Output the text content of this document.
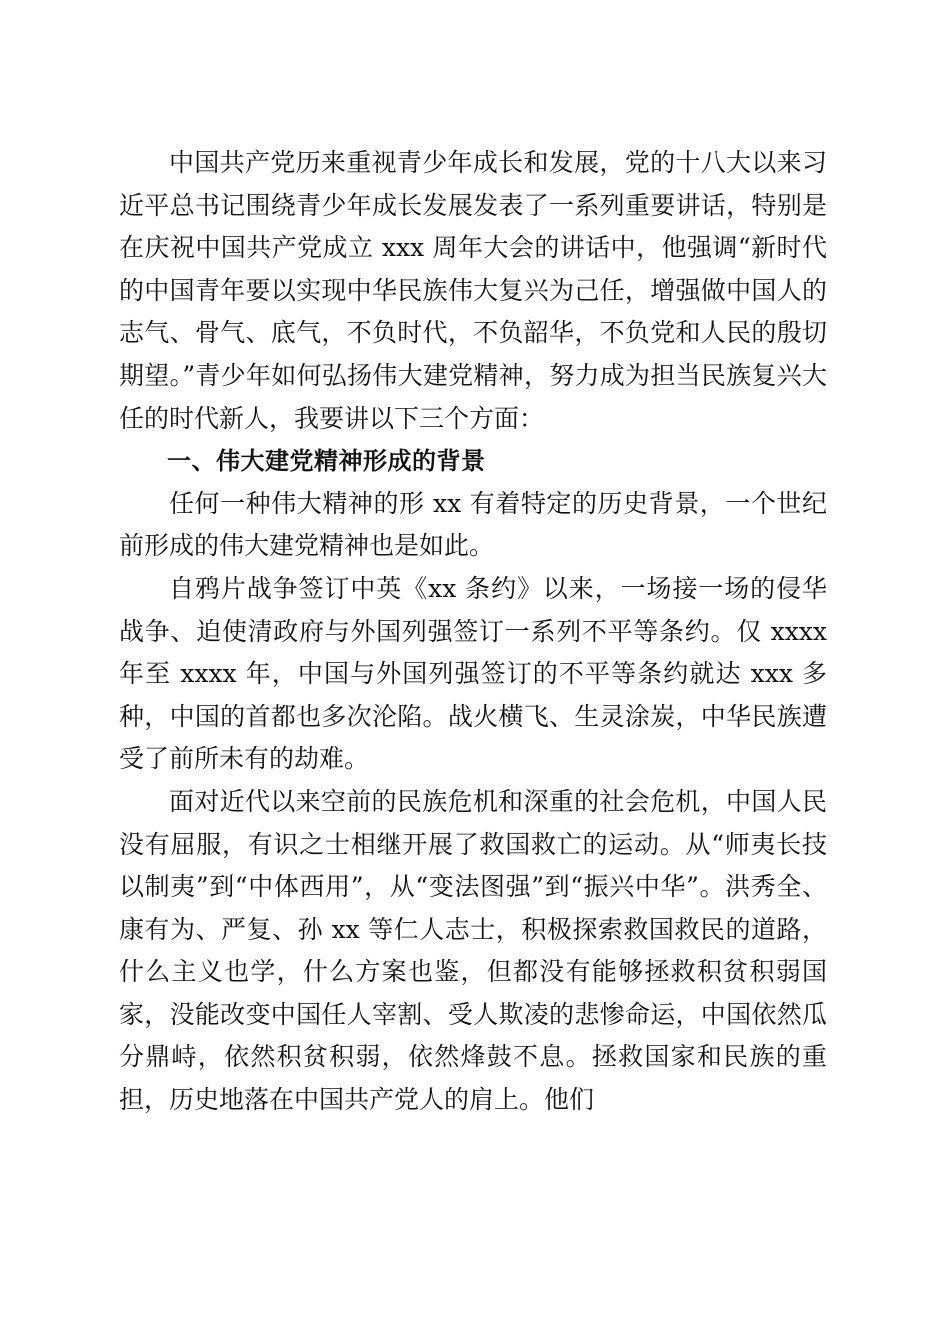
中国共产党历来重视青少年成长和发展，党的十八大以来习近平总书记围绕青少年成长发展发表了一系列重要讲话，特别是在庆祝中国共产党成立 xxx 周年大会的讲话中，他强调“新时代的中国青年要以实现中华民族伟大复兴为己任，增强做中国人的志气、骨气、底气，不负时代，不负韶华，不负党和人民的殷切期望。”青少年如何弘扬伟大建党精神，努力成为担当民族复兴大任的时代新人，我要讲以下三个方面：

一、伟大建党精神形成的背景

任何一种伟大精神的形 xx 有着特定的历史背景，一个世纪前形成的伟大建党精神也是如此。

自鸦片战争签订中英《xx 条约》以来，一场接一场的侵华战争、迫使清政府与外国列强签订一系列不平等条约。仅 xxxx 年至 xxxx 年，中国与外国列强签订的不平等条约就达 xxx 多种，中国的首都也多次沦陷。战火横飞、生灵涂炭，中华民族遭受了前所未有的劫难。

面对近代以来空前的民族危机和深重的社会危机，中国人民没有屈服，有识之士相继开展了救国救亡的运动。从“师夷长技以制夷”到“中体西用”，从“变法图强”到“振兴中华”。洪秀全、康有为、严复、孙 xx 等仁人志士，积极探索救国救民的道路，什么主义也学，什么方案也鉴，但都没有能够拯救积贫积弱国家，没能改变中国任人宰割、受人欺凌的悲惨命运，中国依然瓜分鼎峙，依然积贫积弱，依然烽鼓不息。拯救国家和民族的重担，历史地落在中国共产党人的肩上。他们
